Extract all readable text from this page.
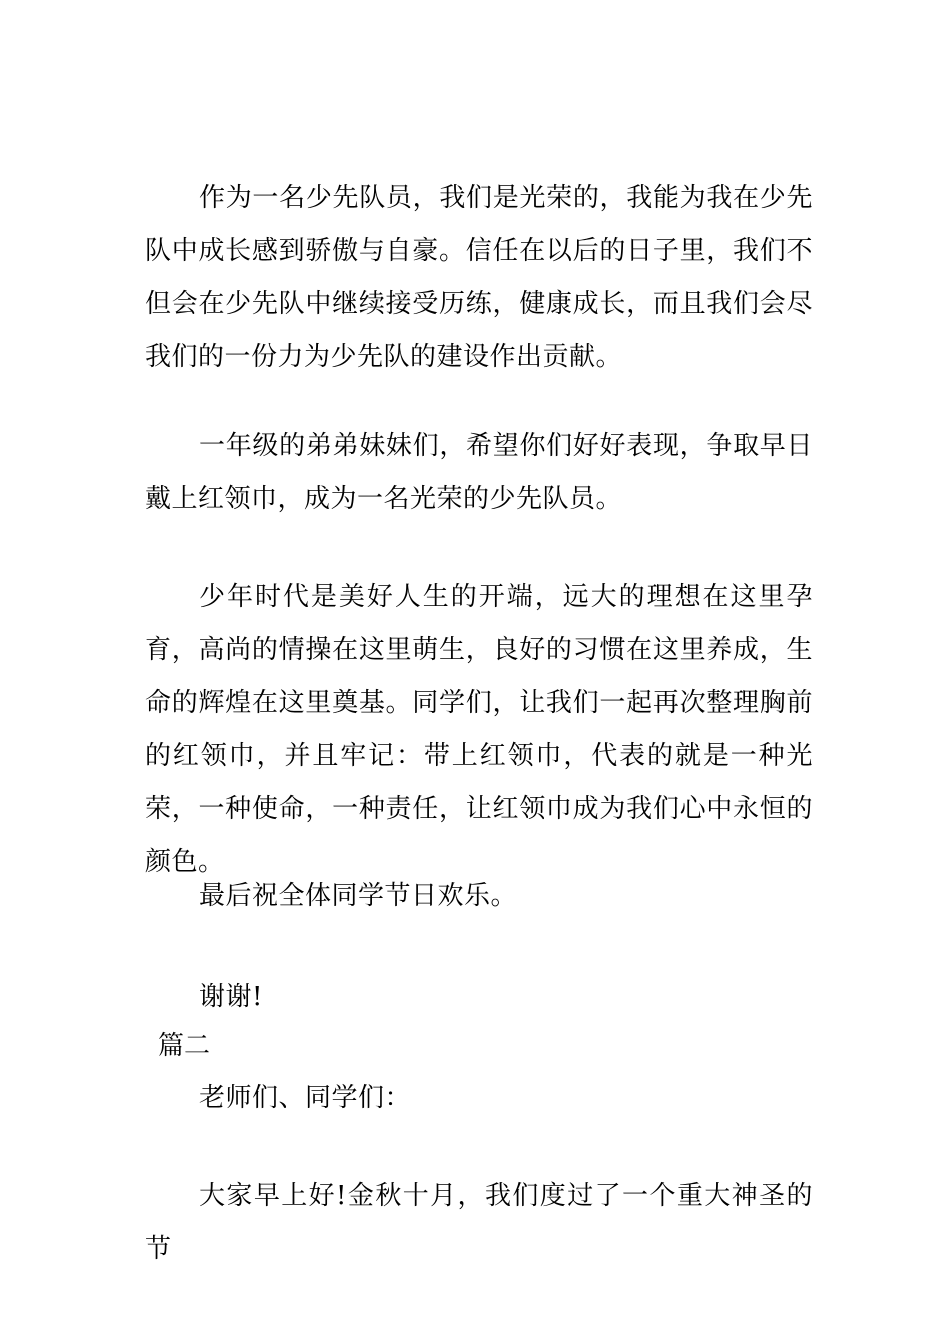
作为一名少先队员，我们是光荣的，我能为我在少先队中成长感到骄傲与自豪。信任在以后的日子里，我们不但会在少先队中继续接受历练，健康成长，而且我们会尽我们的一份力为少先队的建设作出贡献。

一年级的弟弟妹妹们，希望你们好好表现，争取早日戴上红领巾，成为一名光荣的少先队员。

少年时代是美好人生的开端，远大的理想在这里孕育，高尚的情操在这里萌生，良好的习惯在这里养成，生命的辉煌在这里奠基。同学们，让我们一起再次整理胸前的红领巾，并且牢记：带上红领巾，代表的就是一种光荣，一种使命，一种责任，让红领巾成为我们心中永恒的颜色。

最后祝全体同学节日欢乐。

谢谢!

篇二

老师们、同学们：

大家早上好!金秋十月，我们度过了一个重大神圣的节
